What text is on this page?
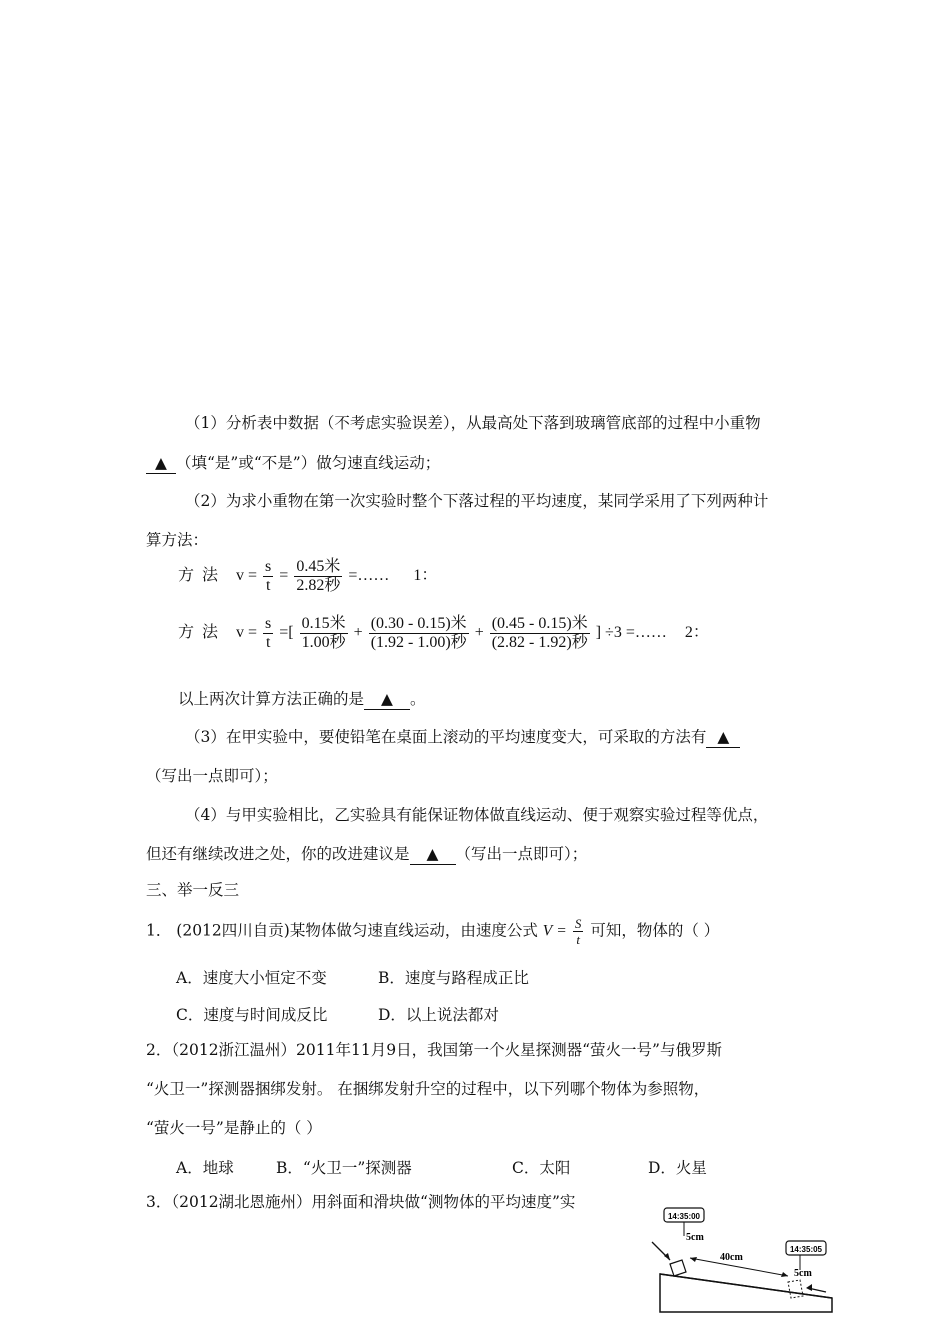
（1）分析表中数据（不考虑实验误差），从最高处下落到玻璃管底部的过程中小重物
▲ （填“是”或“不是”）做匀速直线运动；
（2）为求小重物在第一次实验时整个下落过程的平均速度，某同学采用了下列两种计
算方法：
方  法 $v = \frac{s}{t} = \frac{\text{0.45米}}{\text{2.82秒}}$ =…… 1：
方  法 $v = \frac{s}{t}$ =[ $\frac{\text{0.15米}}{\text{1.00秒}} + \frac{\text{(0.30 - 0.15)米}}{\text{(1.92 - 1.00)秒}} + \frac{\text{(0.45 - 0.15)米}}{\text{(2.82 - 1.92)秒}}$ ] ÷3 =…… 2：
以上两次计算方法正确的是 ▲ 。
（3）在甲实验中，要使铅笔在桌面上滚动的平均速度变大，可采取的方法有 ▲
（写出一点即可）；
（4）与甲实验相比，乙实验具有能保证物体做直线运动、便于观察实验过程等优点，
但还有继续改进之处，你的改进建议是 ▲ （写出一点即可）；
三、举一反三
1． (2012四川自贡)某物体做匀速直线运动，由速度公式 $V = \frac{S}{t}$ 可知，物体的（ ）
A．速度大小恒定不变	B．速度与路程成正比
C．速度与时间成反比	D．以上说法都对
2．（2012浙江温州）2011年11月9日，我国第一个火星探测器“萤火一号”与俄罗斯
“火卫一”探测器捆绑发射。 在捆绑发射升空的过程中，以下列哪个物体为参照物，
“萤火一号”是静止的（ ）
A．地球	B．“火卫一”探测器	C．太阳	D．火星
3．（2012湖北恩施州）用斜面和滑块做“测物体的平均速度”实
14:35:00
14:35:05
5cm
40cm
5cm
